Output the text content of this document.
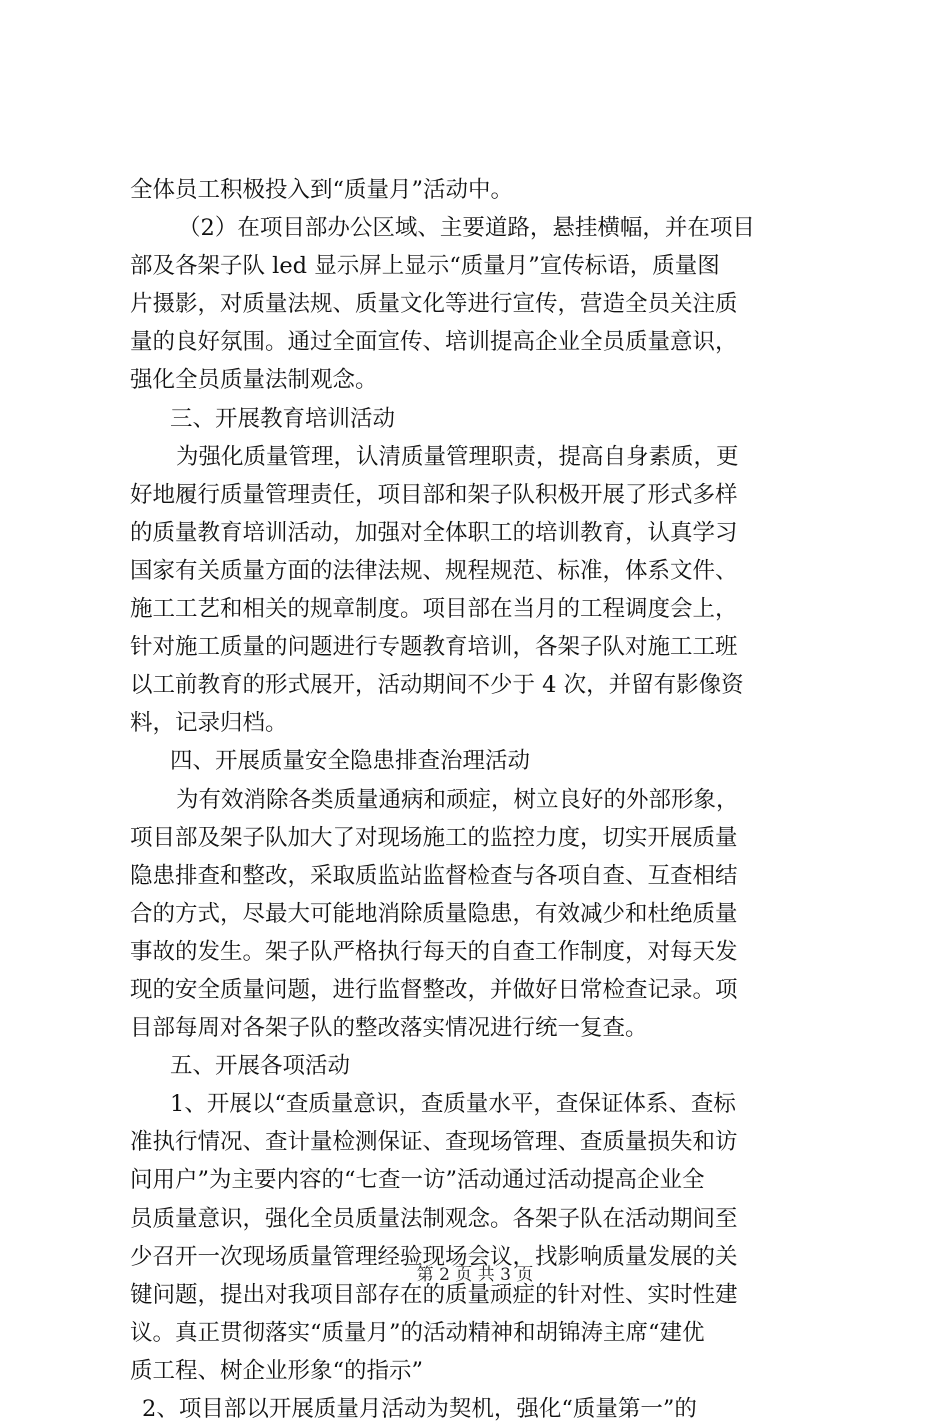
全体员工积极投入到“质量月”活动中。
（2）在项目部办公区域、主要道路，悬挂横幅，并在项目
部及各架子队 led 显示屏上显示“质量月”宣传标语，质量图
片摄影，对质量法规、质量文化等进行宣传，营造全员关注质
量的良好氛围。通过全面宣传、培训提高企业全员质量意识，
强化全员质量法制观念。
三、开展教育培训活动
为强化质量管理，认清质量管理职责，提高自身素质，更
好地履行质量管理责任，项目部和架子队积极开展了形式多样
的质量教育培训活动，加强对全体职工的培训教育，认真学习
国家有关质量方面的法律法规、规程规范、标准，体系文件、
施工工艺和相关的规章制度。项目部在当月的工程调度会上，
针对施工质量的问题进行专题教育培训，各架子队对施工工班
以工前教育的形式展开，活动期间不少于 4 次，并留有影像资
料，记录归档。
四、开展质量安全隐患排查治理活动
为有效消除各类质量通病和顽症，树立良好的外部形象，
项目部及架子队加大了对现场施工的监控力度，切实开展质量
隐患排查和整改，采取质监站监督检查与各项自查、互查相结
合的方式，尽最大可能地消除质量隐患，有效减少和杜绝质量
事故的发生。架子队严格执行每天的自查工作制度，对每天发
现的安全质量问题，进行监督整改，并做好日常检查记录。项
目部每周对各架子队的整改落实情况进行统一复查。
五、开展各项活动
1、开展以“查质量意识，查质量水平，查保证体系、查标
准执行情况、查计量检测保证、查现场管理、查质量损失和访
问用户”为主要内容的“七查一访”活动通过活动提高企业全
员质量意识，强化全员质量法制观念。各架子队在活动期间至
少召开一次现场质量管理经验现场会议，找影响质量发展的关
键问题，提出对我项目部存在的质量顽症的针对性、实时性建
议。真正贯彻落实“质量月”的活动精神和胡锦涛主席“建优
质工程、树企业形象“的指示”
2、项目部以开展质量月活动为契机，强化“质量第一”的
第 2 页 共 3 页
